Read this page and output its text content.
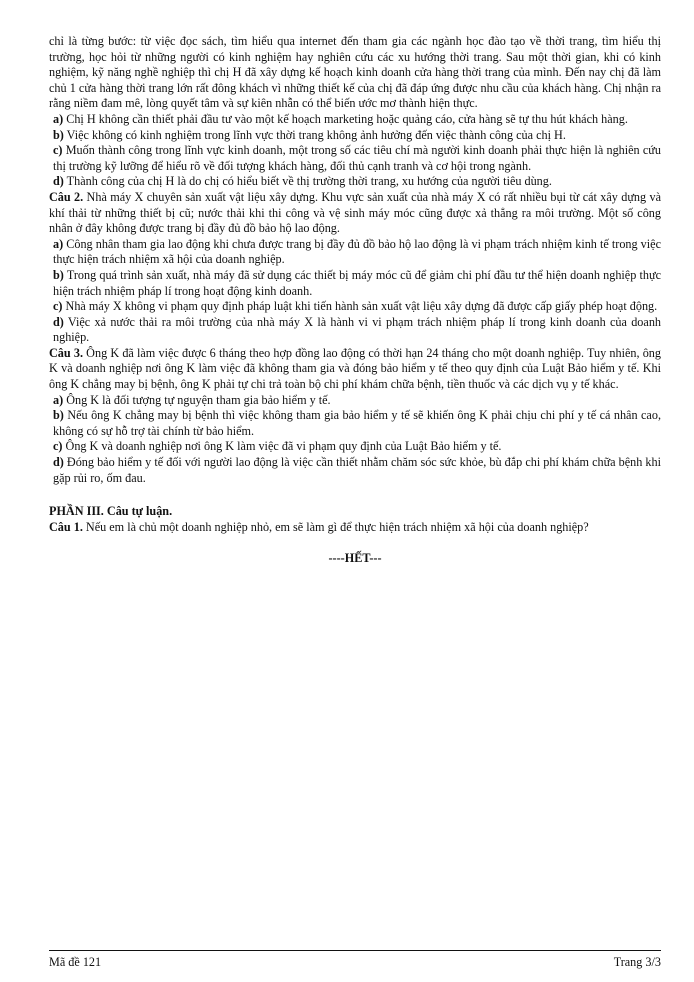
chỉ là từng bước: từ việc đọc sách, tìm hiểu qua internet đến tham gia các ngành học đào tạo về thời trang, tìm hiểu thị trường, học hỏi từ những người có kinh nghiệm hay nghiên cứu các xu hướng thời trang. Sau một thời gian, khi có kinh nghiệm, kỹ năng nghề nghiệp thì chị H đã xây dựng kế hoạch kinh doanh cửa hàng thời trang của mình. Đến nay chị đã làm chủ 1 cửa hàng thời trang lớn rất đông khách vì những thiết kế của chị đã đáp ứng được nhu cầu của khách hàng. Chị nhận ra rằng niềm đam mê, lòng quyết tâm và sự kiên nhẫn có thể biến ước mơ thành hiện thực.

a) Chị H không cần thiết phải đầu tư vào một kế hoạch marketing hoặc quảng cáo, cửa hàng sẽ tự thu hút khách hàng.

b) Việc không có kinh nghiệm trong lĩnh vực thời trang không ảnh hưởng đến việc thành công của chị H.

c) Muốn thành công trong lĩnh vực kinh doanh, một trong số các tiêu chí mà người kinh doanh phải thực hiện là nghiên cứu thị trường kỹ lưỡng để hiểu rõ về đối tượng khách hàng, đối thủ cạnh tranh và cơ hội trong ngành.

d) Thành công của chị H là do chị có hiểu biết về thị trường thời trang, xu hướng của người tiêu dùng.

Câu 2. Nhà máy X chuyên sản xuất vật liệu xây dựng. Khu vực sản xuất của nhà máy X có rất nhiều bụi từ cát xây dựng và khí thải từ những thiết bị cũ; nước thải khi thi công và vệ sinh máy móc cũng được xả thẳng ra môi trường. Một số công nhân ở đây không được trang bị đầy đủ đồ bảo hộ lao động.

a) Công nhân tham gia lao động khi chưa được trang bị đầy đủ đồ bảo hộ lao động là vi phạm trách nhiệm kinh tế trong việc thực hiện trách nhiệm xã hội của doanh nghiệp.

b) Trong quá trình sản xuất, nhà máy đã sử dụng các thiết bị máy móc cũ để giảm chi phí đầu tư thể hiện doanh nghiệp thực hiện trách nhiệm pháp lí trong hoạt động kinh doanh.

c) Nhà máy X không vi phạm quy định pháp luật khi tiến hành sản xuất vật liệu xây dựng đã được cấp giấy phép hoạt động.

d) Việc xả nước thải ra môi trường của nhà máy X là hành vi vi phạm trách nhiệm pháp lí trong kinh doanh của doanh nghiệp.

Câu 3. Ông K đã làm việc được 6 tháng theo hợp đồng lao động có thời hạn 24 tháng cho một doanh nghiệp. Tuy nhiên, ông K và doanh nghiệp nơi ông K làm việc đã không tham gia và đóng bảo hiểm y tế theo quy định của Luật Bảo hiểm y tế. Khi ông K chẳng may bị bệnh, ông K phải tự chi trả toàn bộ chi phí khám chữa bệnh, tiền thuốc và các dịch vụ y tế khác.

a) Ông K là đối tượng tự nguyện tham gia bảo hiểm y tế.

b) Nếu ông K chẳng may bị bệnh thì việc không tham gia bảo hiểm y tế sẽ khiến ông K phải chịu chi phí y tế cá nhân cao, không có sự hỗ trợ tài chính từ bảo hiểm.

c) Ông K và doanh nghiệp nơi ông K làm việc đã vi phạm quy định của Luật Bảo hiểm y tế.

d) Đóng bảo hiểm y tế đối với người lao động là việc cần thiết nhằm chăm sóc sức khỏe, bù đắp chi phí khám chữa bệnh khi gặp rủi ro, ốm đau.

PHẦN III. Câu tự luận.

Câu 1. Nếu em là chủ một doanh nghiệp nhỏ, em sẽ làm gì để thực hiện trách nhiệm xã hội của doanh nghiệp?

----HẾT---

Mã đề 121	Trang 3/3
